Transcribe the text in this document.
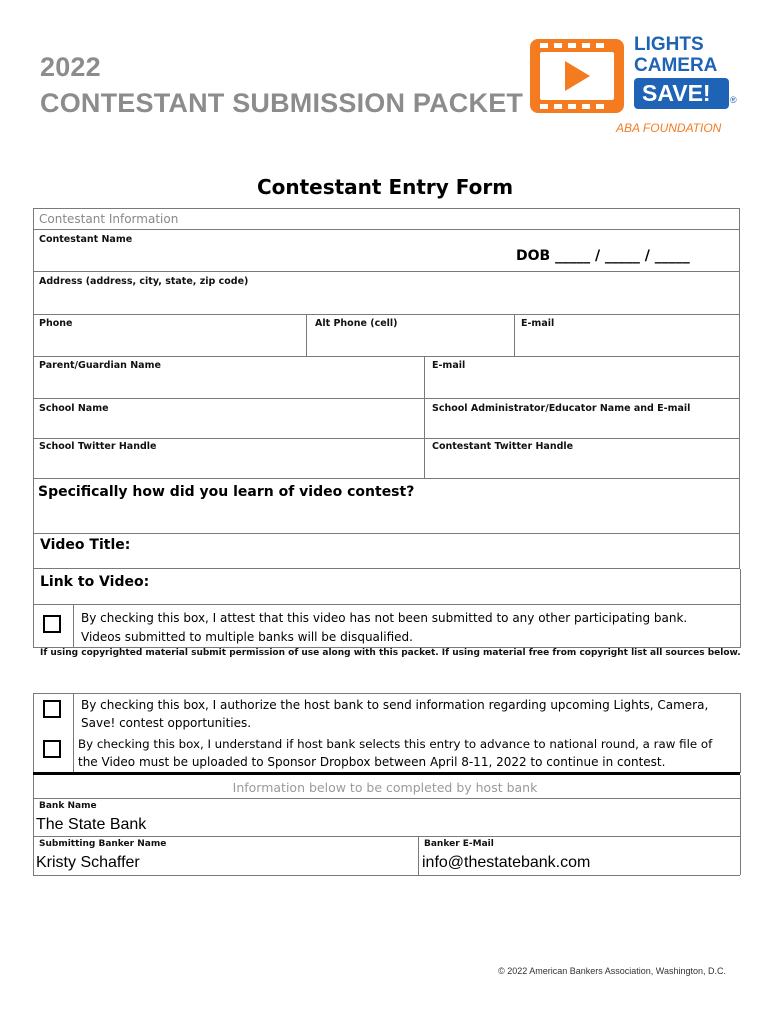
2022
CONTESTANT SUBMISSION PACKET
LIGHTS
CAMERA
SAVE! ®
ABA FOUNDATION
Contestant Entry Form
Contestant Information
Contestant Name
DOB _____ / _____ / _____
Address (address, city, state, zip code)
Phone	Alt Phone (cell)	E-mail
Parent/Guardian Name	E-mail
School Name	School Administrator/Educator Name and E-mail
School Twitter Handle	Contestant Twitter Handle
Specifically how did you learn of video contest?
Video Title:
Link to Video:
By checking this box, I attest that this video has not been submitted to any other participating bank.
Videos submitted to multiple banks will be disqualified.
If using copyrighted material submit permission of use along with this packet. If using material free from copyright list all sources below.
By checking this box, I authorize the host bank to send information regarding upcoming Lights, Camera,
Save! contest opportunities.
By checking this box, I understand if host bank selects this entry to advance to national round, a raw file of
the Video must be uploaded to Sponsor Dropbox between April 8-11, 2022 to continue in contest.
Information below to be completed by host bank
Bank Name
The State Bank
Submitting Banker Name	Banker E-Mail
Kristy Schaffer	info@thestatebank.com
© 2022 American Bankers Association, Washington, D.C.
